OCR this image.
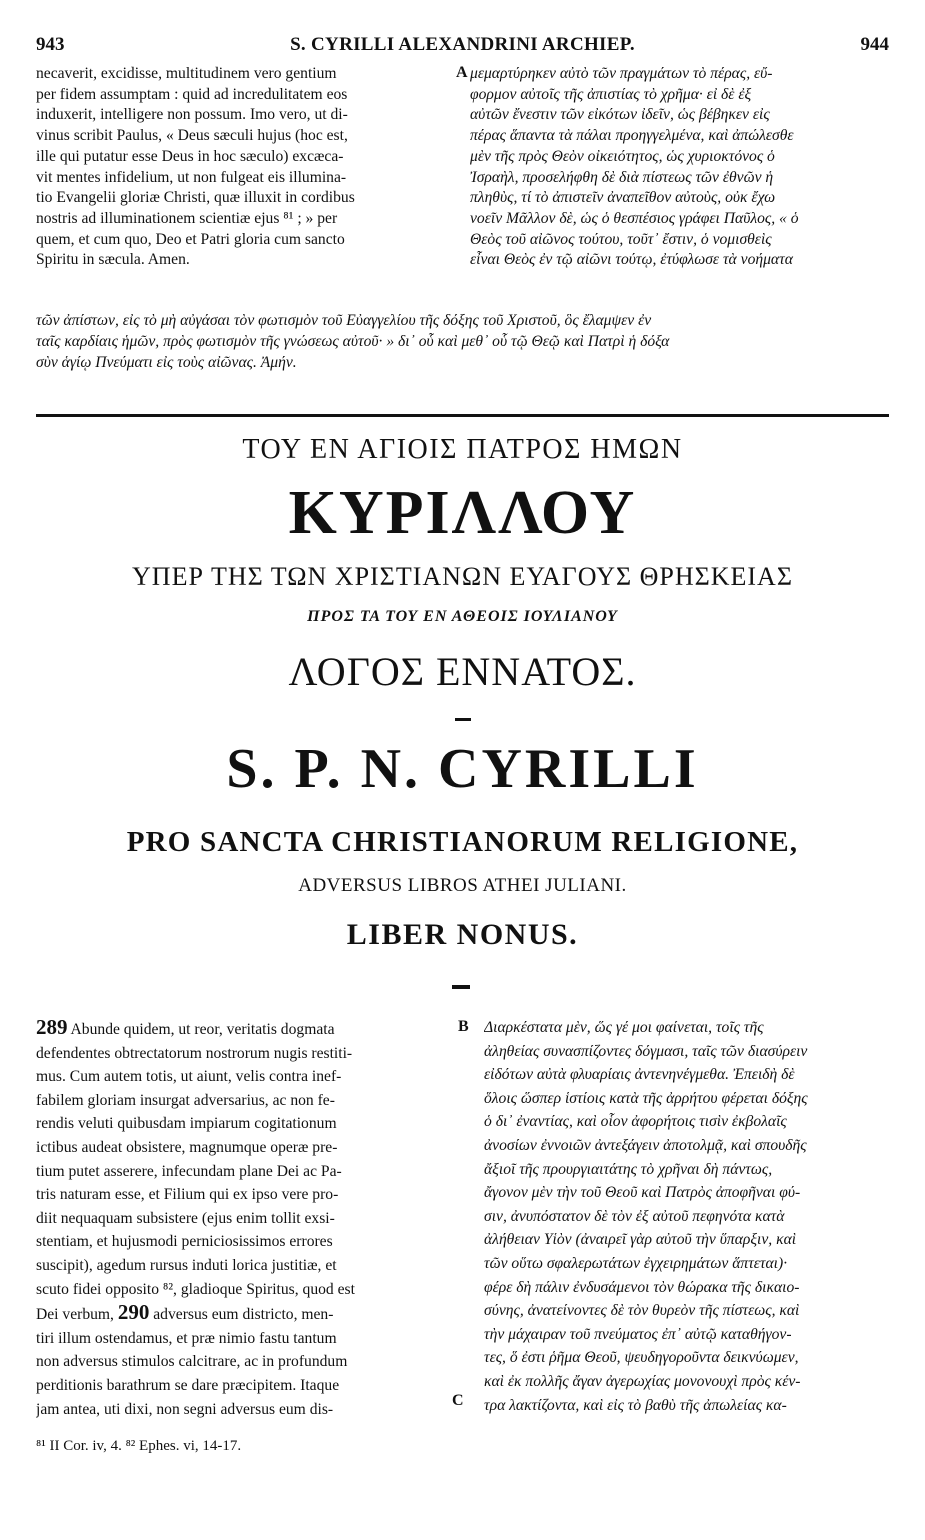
943	S. CYRILLI ALEXANDRINI ARCHIEP.	944
necaverit, excidisse, multitudinem vero gentium
per fidem assumptam : quid ad incredulitatem eos
induxerit, intelligere non possum. Imo vero, ut di-
vinus scribit Paulus, « Deus sæculi hujus (hoc est,
ille qui putatur esse Deus in hoc sæculo) excæca-
vit mentes infidelium, ut non fulgeat eis illumina-
tio Evangelii gloriæ Christi, quæ illuxit in cordibus
nostris ad illuminationem scientiæ ejus ⁸¹ ; » per
quem, et cum quo, Deo et Patri gloria cum sancto
Spiritu in sæcula. Amen.
A μεμαρτύρηκεν αὐτὸ τῶν πραγμάτων τὸ πέρας, εὔ-
φορμον αὐτοῖς τῆς ἀπιστίας τὸ χρῆμα· εἰ δὲ ἐξ
αὐτῶν ἔνεστιν τῶν εἰκότων ἰδεῖν, ὡς βέβηκεν εἰς
πέρας ἅπαντα τὰ πάλαι προηγγελμένα, καὶ ἀπώλεσθε
μὲν τῆς πρὸς Θεὸν οἰκειότητος, ὡς χυριοκτόνος ὁ
Ἰσραὴλ, προσελήφθη δὲ διὰ πίστεως τῶν ἐθνῶν ἡ
πληθὺς, τί τὸ ἀπιστεῖν ἀναπεῖθον αὐτοὺς, οὐκ ἔχω
νοεῖν Μᾶλλον δὲ, ὡς ὁ θεσπέσιος γράφει Παῦλος, « ὁ
Θεὸς τοῦ αἰῶνος τούτου, τοῦτ᾽ ἔστιν, ὁ νομισθεὶς
εἶναι Θεὸς ἐν τῷ αἰῶνι τούτῳ, ἐτύφλωσε τὰ νοήματα
τῶν ἀπίστων, εἰς τὸ μὴ αὐγάσαι τὸν φωτισμὸν τοῦ Εὐαγγελίου τῆς δόξης τοῦ Χριστοῦ, ὃς ἔλαμψεν ἐν
ταῖς καρδίαις ἡμῶν, πρὸς φωτισμὸν τῆς γνώσεως αὐτοῦ· » δι᾽ οὗ καὶ μεθ᾽ οὗ τῷ Θεῷ καὶ Πατρὶ ἡ δόξα
σὺν ἁγίῳ Πνεύματι εἰς τοὺς αἰῶνας. Ἀμήν.
ΤΟΥ ΕΝ ΑΓΙΟΙΣ ΠΑΤΡΟΣ ΗΜΩΝ
ΚΥΡΙΛΛΟΥ
ΥΠΕΡ ΤΗΣ ΤΩΝ ΧΡΙΣΤΙΑΝΩΝ ΕΥΑΓΟΥΣ ΘΡΗΣΚΕΙΑΣ
ΠΡΟΣ ΤΑ ΤΟΥ ΕΝ ΑΘΕΟΙΣ ΙΟΥΛΙΑΝΟΥ
ΛΟΓΟΣ ΕΝΝΑΤΟΣ.
S. P. N. CYRILLI
PRO SANCTA CHRISTIANORUM RELIGIONE,
ADVERSUS LIBROS ATHEI JULIANI.
LIBER NONUS.
289 Abunde quidem, ut reor, veritatis dogmata
defendentes obtrectatorum nostrorum nugis restiti-
mus. Cum autem totis, ut aiunt, velis contra inef-
fabilem gloriam insurgat adversarius, ac non fe-
rendis veluti quibusdam impiarum cogitationum
ictibus audeat obsistere, magnumque operæ pre-
tium putet asserere, infecundam plane Dei ac Pa-
tris naturam esse, et Filium qui ex ipso vere pro-
diit nequaquam subsistere (ejus enim tollit exsi-
stentiam, et hujusmodi perniciosissimos errores
suscipit), agedum rursus induti lorica justitiæ, et
scuto fidei opposito ⁸², gladioque Spiritus, quod est
Dei verbum, 290 adversus eum districto, men-
tiri illum ostendamus, et præ nimio fastu tantum
non adversus stimulos calcitrare, ac in profundum
perditionis barathrum se dare præcipitem. Itaque
jam antea, uti dixi, non segni adversus eum dis-
B
C
Διαρκέστατα μὲν, ὥς γέ μοι φαίνεται, τοῖς τῆς
ἀληθείας συνασπίζοντες δόγμασι, ταῖς τῶν διασύρειν
εἰδότων αὐτὰ φλυαρίαις ἀντενηνέγμεθα. Ἐπειδὴ δὲ
ὅλοις ὥσπερ ἱστίοις κατὰ τῆς ἀρρήτου φέρεται δόξης
ὁ δι᾽ ἐναντίας, καὶ οἷον ἀφορήτοις τισὶν ἐκβολαῖς
ἀνοσίων ἐννοιῶν ἀντεξάγειν ἀποτολμᾷ, καὶ σπουδῆς
ἄξιοῖ τῆς προυργιαιτάτης τὸ χρῆναι δὴ πάντως,
ἄγονον μὲν τὴν τοῦ Θεοῦ καὶ Πατρὸς ἀποφῆναι φύ-
σιν, ἀνυπόστατον δὲ τὸν ἐξ αὐτοῦ πεφηνότα κατὰ
ἀλήθειαν Υἱὸν (ἀναιρεῖ γὰρ αὐτοῦ τὴν ὕπαρξιν, καὶ
τῶν οὕτω σφαλερωτάτων ἐγχειρημάτων ἅπτεται)·
φέρε δὴ πάλιν ἐνδυσάμενοι τὸν θώρακα τῆς δικαιο-
σύνης, ἀνατείνοντες δὲ τὸν θυρεὸν τῆς πίστεως, καὶ
τὴν μάχαιραν τοῦ πνεύματος ἐπ᾽ αὐτῷ καταθήγον-
τες, ὅ ἐστι ῥῆμα Θεοῦ, ψευδηγοροῦντα δεικνύωμεν,
καὶ ἐκ πολλῆς ἄγαν ἀγερωχίας μονονουχὶ πρὸς κέν-
τρα λακτίζοντα, καὶ εἰς τὸ βαθὺ τῆς ἀπωλείας κα-
⁸¹ II Cor. iv, 4. ⁸² Ephes. vi, 14-17.
